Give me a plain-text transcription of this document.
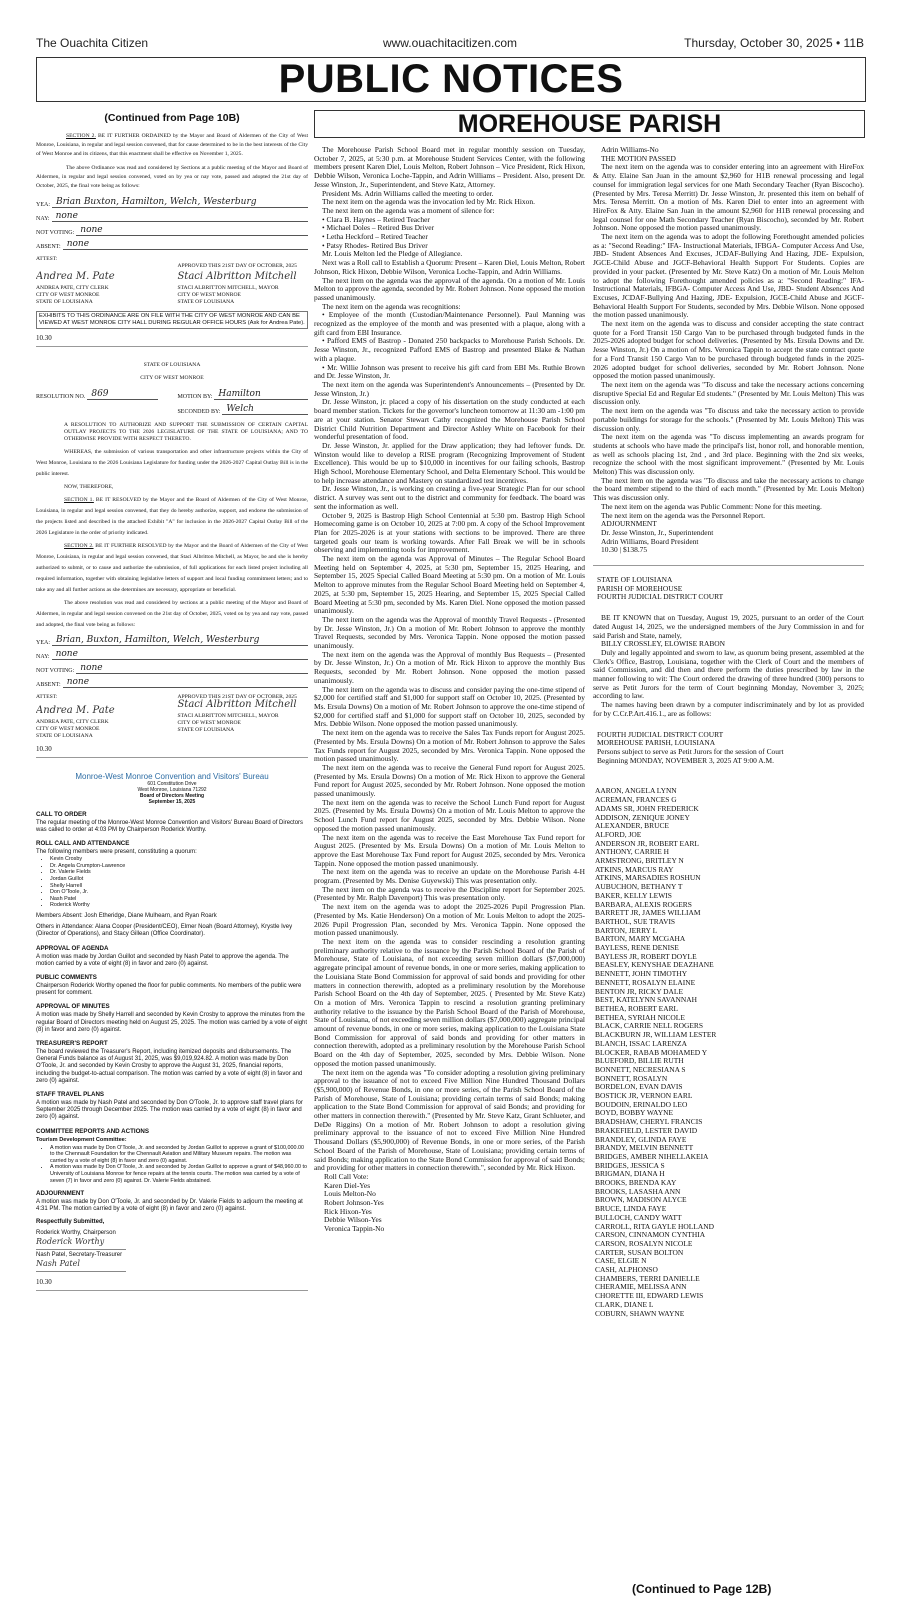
The Ouachita Citizen	www.ouachitacitizen.com	Thursday, October 30, 2025 • 11B
PUBLIC NOTICES
(Continued from Page 10B)
SECTION 2. BE IT FURTHER ORDAINED by the Mayor and Board of Aldermen of the City of West Monroe, Louisiana, in regular and legal session convened, that for cause determined to be in the best interests of the City of West Monroe and its citizens, that this enactment shall be effective on November 1, 2025.
The above Ordinance was read and considered by Sections at a public meeting of the Mayor and Board of Aldermen, in regular and legal session convened, voted on by yea or nay vote, passed and adopted the 21st day of October, 2025, the final vote being as follows:
YEA: Brian Buxton, Hamilton, Welch, Westerburg
NAY: none
NOT VOTING: none
ABSENT: none
ATTEST:
Andrea M. Pate
ANDREA PATE, CITY CLERK
CITY OF WEST MONROE
STATE OF LOUISIANA
APPROVED THIS 21ST DAY OF OCTOBER, 2025
Staci Albritton Mitchell
STACI ALBRITTON MITCHELL, MAYOR
CITY OF WEST MONROE
STATE OF LOUISIANA
EXHIBITS TO THIS ORDINANCE ARE ON FILE WITH THE CITY OF WEST MONROE AND CAN BE VIEWED AT WEST MONROE CITY HALL DURING REGULAR OFFICE HOURS (Ask for Andrea Pate).
10.30
STATE OF LOUISIANA
CITY OF WEST MONROE
RESOLUTION NO. 869	MOTION BY: Hamilton
SECONDED BY: Welch
A RESOLUTION TO AUTHORIZE AND SUPPORT THE SUBMISSION OF CERTAIN CAPITAL OUTLAY PROJECTS TO THE 2026 LEGISLATURE OF THE STATE OF LOUISIANA; AND TO OTHERWISE PROVIDE WITH RESPECT THERETO.
WHEREAS, the submission of various transportation and other infrastructure projects within the City of West Monroe, Louisiana to the 2026 Louisiana Legislature for funding under the 2026-2027 Capital Outlay Bill is in the public interest.
NOW, THEREFORE,
SECTION 1. BE IT RESOLVED by the Mayor and the Board of Aldermen of the City of West Monroe, Louisiana, in regular and legal session convened, that they do hereby authorize, support, and endorse the submission of the projects listed and described in the attached Exhibit "A" for inclusion in the 2026-2027 Capital Outlay Bill of the 2026 Legislature in the order of priority indicated.
SECTION 2. BE IT FURTHER RESOLVED by the Mayor and the Board of Aldermen of the City of West Monroe, Louisiana, in regular and legal session convened, that Staci Albritton Mitchell, as Mayor, be and she is hereby authorized to submit, or to cause and authorize the submission, of full applications for each listed project including all required information, together with obtaining legislative letters of support and local funding commitment letters; and to take any and all further actions as she determines are necessary, appropriate or beneficial.
The above resolution was read and considered by sections at a public meeting of the Mayor and Board of Aldermen, in regular and legal session convened on the 21st day of October, 2025, voted on by yea and nay vote, passed and adopted, the final vote being as follows:
YEA: Brian, Buxton, Hamilton, Welch, Westerburg
NAY: none
NOT VOTING: none
ABSENT: none
ATTEST:
Andrea M. Pate
ANDREA PATE, CITY CLERK
CITY OF WEST MONROE
STATE OF LOUISIANA
APPROVED THIS 21ST DAY OF OCTOBER, 2025
Staci Albritton Mitchell
STACI ALBRITTON MITCHELL, MAYOR
CITY OF WEST MONROE
STATE OF LOUISIANA
10.30
Monroe-West Monroe Convention and Visitors' Bureau
601 Constitution Drive
West Monroe, Louisiana 71292
Board of Directors Meeting
September 15, 2025
CALL TO ORDER
The regular meeting of the Monroe-West Monroe Convention and Visitors' Bureau Board of Directors was called to order at 4:03 PM by Chairperson Roderick Worthy.
ROLL CALL AND ATTENDANCE
The following members were present, constituting a quorum:
• Kevin Crosby
• Dr. Angela Crumpton-Lawrence
• Dr. Valerie Fields
• Jordan Guillot
• Shelly Harrell
• Don O'Toole, Jr.
• Nash Patel
• Roderick Worthy
Members Absent: Josh Etheridge, Diane Mulhearn, and Ryan Roark
Others in Attendance: Alana Cooper (President/CEO), Elmer Noah (Board Attorney), Krystle Ivey (Director of Operations), and Stacy Gillean (Office Coordinator).
APPROVAL OF AGENDA
A motion was made by Jordan Guillot and seconded by Nash Patel to approve the agenda. The motion carried by a vote of eight (8) in favor and zero (0) against.
PUBLIC COMMENTS
Chairperson Roderick Worthy opened the floor for public comments. No members of the public were present for comment.
APPROVAL OF MINUTES
A motion was made by Shelly Harrell and seconded by Kevin Crosby to approve the minutes from the regular Board of Directors meeting held on August 25, 2025. The motion was carried by a vote of eight (8) in favor and zero (0) against.
TREASURER'S REPORT
The board reviewed the Treasurer's Report, including itemized deposits and disbursements. The General Funds balance as of August 31, 2025, was $9,019,924.82. A motion was made by Don O'Toole, Jr. and seconded by Kevin Crosby to approve the August 31, 2025, financial reports, including the budget-to-actual comparison. The motion was carried by a vote of eight (8) in favor and zero (0) against.
STAFF TRAVEL PLANS
A motion was made by Nash Patel and seconded by Don O'Toole, Jr. to approve staff travel plans for September 2025 through December 2025. The motion was carried by a vote of eight (8) in favor and zero (0) against.
COMMITTEE REPORTS AND ACTIONS
Tourism Development Committee:
• A motion was made by Don O'Toole, Jr. and seconded by Jordan Guillot to approve a grant of $100,000.00 to the Chennault Foundation for the Chennault Aviation and Military Museum repairs. The motion was carried by a vote of eight (8) in favor and zero (0) against.
• A motion was made by Don O'Toole, Jr. and seconded by Jordan Guillot to approve a grant of $48,960.00 to University of Louisiana Monroe for fence repairs at the tennis courts. The motion was carried by a vote of seven (7) in favor and zero (0) against. Dr. Valerie Fields abstained.
ADJOURNMENT
A motion was made by Don O'Toole, Jr. and seconded by Dr. Valerie Fields to adjourn the meeting at 4:31 PM. The motion carried by a vote of eight (8) in favor and zero (0) against.
Respectfully Submitted,
Roderick Worthy, Chairperson
Roderick Worthy
Nash Patel, Secretary-Treasurer
Nash Patel
10.30
MOREHOUSE PARISH

The Morehouse Parish School Board met in regular monthly session on Tuesday, October 7, 2025, at 5:30 p.m. at Morehouse Student Services Center, with the following members present Karen Diel, Louis Melton, Robert Johnson – Vice President, Rick Hixon, Debbie Wilson, Veronica Loche-Tappin, and Adrin Williams – President. Also, present Dr. Jesse Winston, Jr., Superintendent, and Steve Katz, Attorney.

President Ms. Adrin Williams called the meeting to order.

The next item on the agenda was the invocation led by Mr. Rick Hixon.

The next item on the agenda was a moment of silence for:

• Clara B. Haynes – Retired Teacher

• Michael Doles – Retired Bus Driver

• Letha Heckford – Retired Teacher

• Patsy Rhodes- Retired Bus Driver

Mr. Louis Melton led the Pledge of Allegiance.

Next was a Roll call to Establish a Quorum: Present – Karen Diel, Louis Melton, Robert Johnson, Rick Hixon, Debbie Wilson, Veronica Loche-Tappin, and Adrin Williams.

The next item on the agenda was the approval of the agenda. On a motion of Mr. Louis Melton to approve the agenda, seconded by Mr. Robert Johnson. None opposed the motion passed unanimously.

The next item on the agenda was recognitions:

• Employee of the month (Custodian/Maintenance Personnel). Paul Manning was recognized as the employee of the month and was presented with a plaque, along with a gift card from EBI Insurance.

• Pafford EMS of Bastrop - Donated 250 backpacks to Morehouse Parish Schools. Dr. Jesse Winston, Jr., recognized Pafford EMS of Bastrop and presented Blake & Nathan with a plaque.

• Mr. Willie Johnson was present to receive his gift card from EBI Ms. Ruthie Brown and Dr. Jesse Winston, Jr.

The next item on the agenda was Superintendent's Announcements – (Presented by Dr. Jesse Winston, Jr.)

Dr. Jesse Winston, jr. placed a copy of his dissertation on the study conducted at each board member station. Tickets for the governor's luncheon tomorrow at 11:30 am -1:00 pm are at your station. Senator Stewart Cathy recognized the Morehouse Parish School District Child Nutrition Department and Director Ashley White on Facebook for their wonderful presentation of food.

Dr. Jesse Winston, Jr. applied for the Draw application; they had leftover funds. Dr. Winston would like to develop a RISE program (Recognizing Improvement of Student Excellence). This would be up to $10,000 in incentives for our failing schools, Bastrop High School, Morehouse Elementary School, and Delta Elementary School. This would be to help increase attendance and Mastery on standardized test incentives.

Dr. Jesse Winston, Jr., is working on creating a five-year Strategic Plan for our school district. A survey was sent out to the district and community for feedback. The board was sent the information as well.

October 9, 2025 is Bastrop High School Centennial at 5:30 pm. Bastrop High School Homecoming game is on October 10, 2025 at 7:00 pm. A copy of the School Improvement Plan for 2025-2026 is at your stations with sections to be improved. There are three targeted goals our team is working towards. After Fall Break we will be in schools observing and implementing tools for improvement.

The next item on the agenda was Approval of Minutes – The Regular School Board Meeting held on September 4, 2025, at 5:30 pm, September 15, 2025 Hearing, and September 15, 2025 Special Called Board Meeting at 5:30 pm. On a motion of Mr. Louis Melton to approve minutes from the Regular School Board Meeting held on September 4, 2025, at 5:30 pm, September 15, 2025 Hearing, and September 15, 2025 Special Called Board Meeting at 5:30 pm, seconded by Ms. Karen Diel. None opposed the motion passed unanimously.

The next item on the agenda was the Approval of monthly Travel Requests - (Presented by Dr. Jesse Winston, Jr.) On a motion of Mr. Robert Johnson to approve the monthly Travel Requests, seconded by Mrs. Veronica Tappin. None opposed the motion passed unanimously.

The next item on the agenda was the Approval of monthly Bus Requests – (Presented by Dr. Jesse Winston, Jr.) On a motion of Mr. Rick Hixon to approve the monthly Bus Requests, seconded by Mr. Robert Johnson. None opposed the motion passed unanimously.

The next item on the agenda was to discuss and consider paying the one-time stipend of $2,000 for certified staff and $1,000 for support staff on October 10, 2025. (Presented by Ms. Ersula Downs) On a motion of Mr. Robert Johnson to approve the one-time stipend of $2,000 for certified staff and $1,000 for support staff on October 10, 2025, seconded by Mrs. Debbie Wilson. None opposed the motion passed unanimously.

The next item on the agenda was to receive the Sales Tax Funds report for August 2025. (Presented by Ms. Ersula Downs) On a motion of Mr. Robert Johnson to approve the Sales Tax Funds report for August 2025, seconded by Mrs. Veronica Tappin. None opposed the motion passed unanimously.

The next item on the agenda was to receive the General Fund report for August 2025. (Presented by Ms. Ersula Downs) On a motion of Mr. Rick Hixon to approve the General Fund report for August 2025, seconded by Mr. Robert Johnson. None opposed the motion passed unanimously.

The next item on the agenda was to receive the School Lunch Fund report for August 2025. (Presented by Ms. Ersula Downs) On a motion of Mr. Louis Melton to approve the School Lunch Fund report for August 2025, seconded by Mrs. Debbie Wilson. None opposed the motion passed unanimously.

The next item on the agenda was to receive the East Morehouse Tax Fund report for August 2025. (Presented by Ms. Ersula Downs) On a motion of Mr. Louis Melton to approve the East Morehouse Tax Fund report for August 2025, seconded by Mrs. Veronica Tappin. None opposed the motion passed unanimously.

The next item on the agenda was to receive an update on the Morehouse Parish 4-H program. (Presented by Ms. Denise Guyewski) This was presentation only.

The next item on the agenda was to receive the Discipline report for September 2025. (Presented by Mr. Ralph Davenport) This was presentation only.

The next item on the agenda was to adopt the 2025-2026 Pupil Progression Plan. (Presented by Ms. Katie Henderson) On a motion of Mr. Louis Melton to adopt the 2025-2026 Pupil Progression Plan, seconded by Mrs. Veronica Tappin. None opposed the motion passed unanimously.

The next item on the agenda was to consider rescinding a resolution granting preliminary authority relative to the issuance by the Parish School Board of the Parish of Morehouse, State of Louisiana, of not exceeding seven million dollars ($7,000,000) aggregate principal amount of revenue bonds, in one or more series, making application to the Louisiana State Bond Commission for approval of said bonds and providing for other matters in connection therewith, adopted as a preliminary resolution by the Morehouse Parish School Board on the 4th day of September, 2025. ( Presented by Mr. Steve Katz) On a motion of Mrs. Veronica Tappin to rescind a resolution granting preliminary authority relative to the issuance by the Parish School Board of the Parish of Morehouse, State of Louisiana, of not exceeding seven million dollars ($7,000,000) aggregate principal amount of revenue bonds, in one or more series, making application to the Louisiana State Bond Commission for approval of said bonds and providing for other matters in connection therewith, adopted as a preliminary resolution by the Morehouse Parish School Board on the 4th day of September, 2025, seconded by Mrs. Debbie Wilson. None opposed the motion passed unanimously.

The next item on the agenda was "To consider adopting a resolution giving preliminary approval to the issuance of not to exceed Five Million Nine Hundred Thousand Dollars ($5,900,000) of Revenue Bonds, in one or more series, of the Parish School Board of the Parish of Morehouse, State of Louisiana; providing certain terms of said Bonds; making application to the State Bond Commission for approval of said Bonds; and providing for other matters in connection therewith." (Presented by Mr. Steve Katz, Grant Schlueter, and DeDe Riggins) On a motion of Mr. Robert Johnson to adopt a resolution giving preliminary approval to the issuance of not to exceed Five Million Nine Hundred Thousand Dollars ($5,900,000) of Revenue Bonds, in one or more series, of the Parish School Board of the Parish of Morehouse, State of Louisiana; providing certain terms of said Bonds; making application to the State Bond Commission for approval of said Bonds; and providing for other matters in connection therewith.", seconded by Mr. Rick Hixon.

Roll Call Vote:
Karen Diel-Yes
Louis Melton-No
Robert Johnson-Yes
Rick Hixon-Yes
Debbie Wilson-Yes
Veronica Tappin-No
Adrin Williams-No
THE MOTION PASSED

The next item on the agenda was to consider entering into an agreement with HireFox & Atty. Elaine San Juan in the amount $2,960 for H1B renewal processing and legal counsel for immigration legal services for one Math Secondary Teacher (Ryan Biscocho). (Presented by Mrs. Teresa Merritt) Dr. Jesse Winston, Jr. presented this item on behalf of Mrs. Teresa Merritt. On a motion of Ms. Karen Diel to enter into an agreement with HireFox & Atty. Elaine San Juan in the amount $2,960 for H1B renewal processing and legal counsel for one Math Secondary Teacher (Ryan Biscocho), seconded by Mr. Robert Johnson. None opposed the motion passed unanimously.

The next item on the agenda was to adopt the following Forethought amended policies as a: "Second Reading:" IFA- Instructional Materials, IFBGA- Computer Access And Use, JBD- Student Absences And Excuses, JCDAF-Bullying And Hazing, JDE- Expulsion, JGCE-Child Abuse and JGCF-Behavioral Health Support For Students. Copies are provided in your packet. (Presented by Mr. Steve Katz) On a motion of Mr. Louis Melton to adopt the following Forethought amended policies as a: "Second Reading:" IFA- Instructional Materials, IFBGA- Computer Access And Use, JBD- Student Absences And Excuses, JCDAF-Bullying And Hazing, JDE- Expulsion, JGCE-Child Abuse and JGCF-Behavioral Health Support For Students, seconded by Mrs. Debbie Wilson. None opposed the motion passed unanimously.

The next item on the agenda was to discuss and consider accepting the state contract quote for a Ford Transit 150 Cargo Van to be purchased through budgeted funds in the 2025-2026 adopted budget for school deliveries. (Presented by Ms. Ersula Downs and Dr. Jesse Winston, Jr.) On a motion of Mrs. Veronica Tappin to accept the state contract quote for a Ford Transit 150 Cargo Van to be purchased through budgeted funds in the 2025-2026 adopted budget for school deliveries, seconded by Mr. Robert Johnson. None opposed the motion passed unanimously.

The next item on the agenda was "To discuss and take the necessary actions concerning disruptive Special Ed and Regular Ed students." (Presented by Mr. Louis Melton) This was discussion only.

The next item on the agenda was "To discuss and take the necessary action to provide portable buildings for storage for the schools." (Presented by Mr. Louis Melton) This was discussion only.

The next item on the agenda was "To discuss implementing an awards program for students at schools who have made the principal's list, honor roll, and honorable mention, as well as schools placing 1st, 2nd , and 3rd place. Beginning with the 2nd six weeks, recognize the school with the most significant improvement." (Presented by Mr. Louis Melton) This was discussion only.

The next item on the agenda was "To discuss and take the necessary actions to change the board member stipend to the third of each month." (Presented by Mr. Louis Melton) This was discussion only.

The next item on the agenda was Public Comment: None for this meeting.

The next item on the agenda was the Personnel Report.

ADJOURNMENT
Dr. Jesse Winston, Jr., Superintendent
Adrin Williams, Board President
10.30 | $138.75
STATE OF LOUISIANA
PARISH OF MOREHOUSE
FOURTH JUDICIAL DISTRICT COURT

BE IT KNOWN that on Tuesday, August 19, 2025, pursuant to an order of the Court dated August 14, 2025, we the undersigned members of the Jury Commission in and for said Parish and State, namely,

BILLY CROSSLEY, ELOWISE RABON

Duly and legally appointed and sworn to law, as quorum being present, assembled at the Clerk's Office, Bastrop, Louisiana, together with the Clerk of Court and the members of said Commission, and did then and there perform the duties prescribed by law in the manner following to wit: The Court ordered the drawing of three hundred (300) persons to serve as Petit Jurors for the term of Court beginning Monday, November 3, 2025; according to law.

The names having been drawn by a computer indiscriminately and by lot as provided for by C.Cr.P.Art.416.1., are as follows:

FOURTH JUDICIAL DISTRICT COURT
MOREHOUSE PARISH, LOUISIANA
Persons subject to serve as Petit Jurors for the session of Court
Beginning MONDAY, NOVEMBER 3, 2025 AT 9:00 A.M.
AARON, ANGELA LYNN
ACREMAN, FRANCES G
ADAMS SR, JOHN FREDERICK
ADDISON, ZENIQUE JONEY
ALEXANDER, BRUCE
ALFORD, JOE
ANDERSON JR, ROBERT EARL
ANTHONY, CARRIE H
ARMSTRONG, BRITLEY N
ATKINS, MARCUS RAY
ATKINS, MARSADIES ROSHUN
AUBUCHON, BETHANY T
BAKER, KELLY LEWIS
BARBARA, ALEXIS ROGERS
BARRETT JR, JAMES WILLIAM
BARTHOL, SUE TRAVIS
BARTON, JERRY L
BARTON, MARY MCGAHA
BAYLESS, RENE DENISE
BAYLESS JR, ROBERT DOYLE
BEASLEY, KENYSHAE DEAZHANE
BENNETT, JOHN TIMOTHY
BENNETT, ROSALYN ELAINE
BENTON JR, RICKY DALE
BEST, KATELYNN SAVANNAH
BETHEA, ROBERT EARL
BETHEA, SYRIAH NICOLE
BLACK, CARRIE NELL ROGERS
BLACKBURN JR, WILLIAM LESTER
BLANCH, ISSAC LARENZA
BLOCKER, RABAB MOHAMED Y
BLUEFORD, BILLIE RUTH
BONNETT, NECRESIANA S
BONNETT, ROSALYN
BORDELON, EVAN DAVIS
BOSTICK JR, VERNON EARL
BOUDOIN, ERINALDO LEO
BOYD, BOBBY WAYNE
BRADSHAW, CHERYL FRANCIS
BRAKEFIELD, LESTER DAVID
BRANDLEY, GLINDA FAYE
BRANDY, MELVIN BENNETT
BRIDGES, AMBER NIHELLAKEIA
BRIDGES, JESSICA S
BRIGMAN, DIANA H
BROOKS, BRENDA KAY
BROOKS, LASASHA ANN
BROWN, MADISON ALYCE
BRUCE, LINDA FAYE
BULLOCH, CANDY WATT
CARROLL, RITA GAYLE HOLLAND
CARSON, CINNAMON CYNTHIA
CARSON, ROSALYN NICOLE
CARTER, SUSAN BOLTON
CASE, ELGIE N
CASH, ALPHONSO
CHAMBERS, TERRI DANIELLE
CHERAMIE, MELISSA ANN
CHORETTE III, EDWARD LEWIS
CLARK, DIANE L
COBURN, SHAWN WAYNE
(Continued to Page 12B)
